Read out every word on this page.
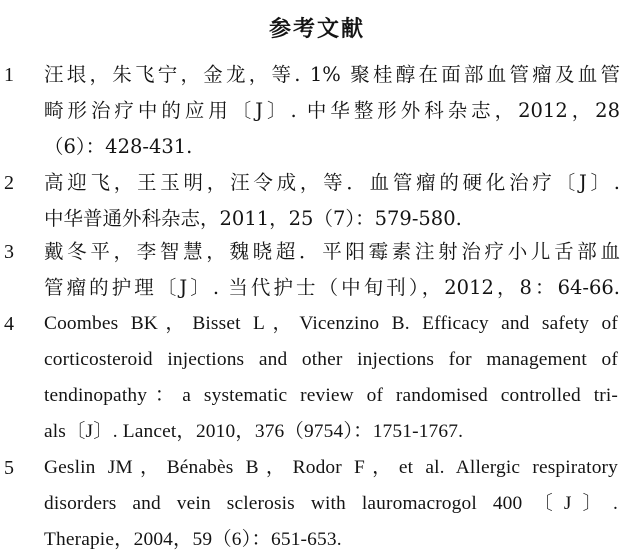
参考文献
1	汪垠，朱飞宁，金龙，等. 1% 聚桂醇在面部血管瘤及血管
畸形治疗中的应用〔J〕. 中华整形外科杂志，2012，28
（6）：428-431.
2	高迎飞，王玉明，汪令成，等．血管瘤的硬化治疗〔J〕.
中华普通外科杂志，2011，25（7）：579-580.
3	戴冬平，李智慧，魏晓超．平阳霉素注射治疗小儿舌部血
管瘤的护理〔J〕. 当代护士（中旬刊），2012，8：64-66.
4	Coombes BK，Bisset L，Vicenzino B. Efficacy and safety of
corticosteroid injections and other injections for management of
tendinopathy：a systematic review of randomised controlled tri-
als〔J〕. Lancet，2010，376（9754）：1751-1767.
5	Geslin JM，Bénabès B，Rodor F，et al. Allergic respiratory
disorders and vein sclerosis with lauromacrogol 400〔J〕.
Therapie，2004，59（6）：651-653.
